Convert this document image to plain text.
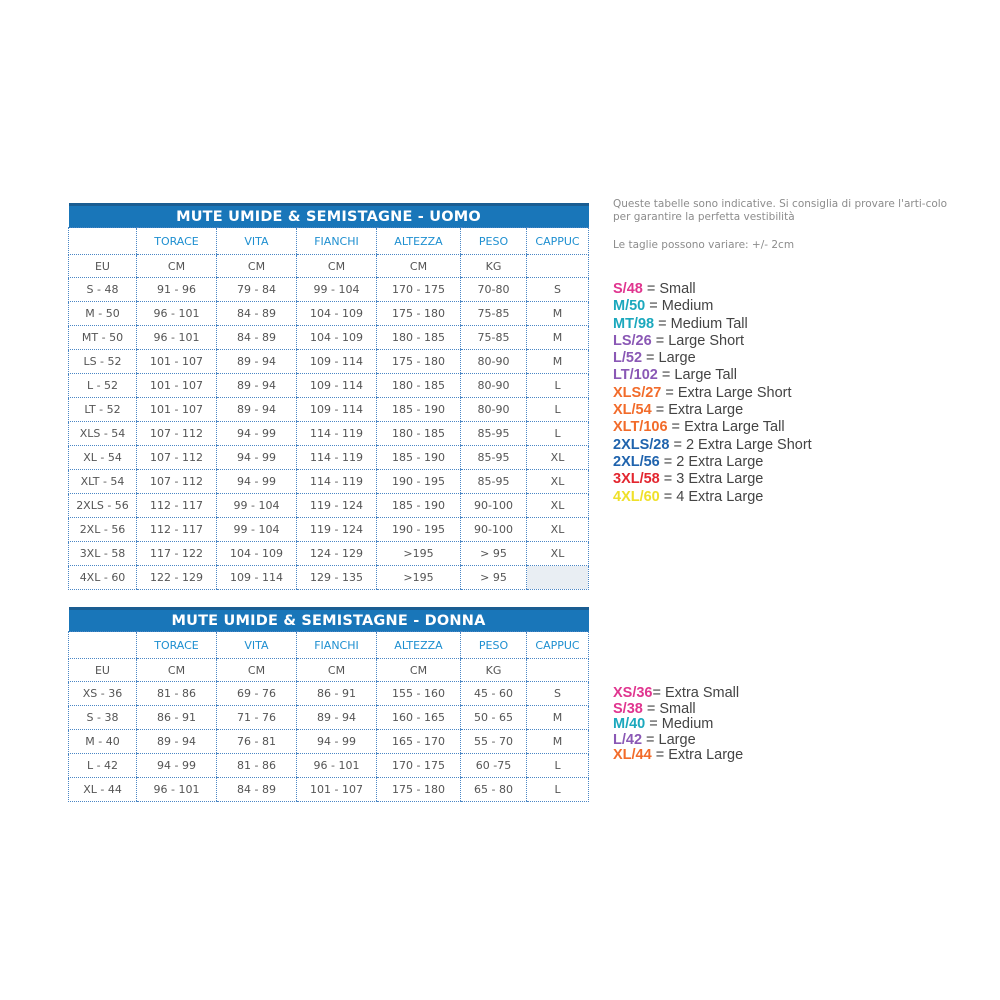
MUTE UMIDE & SEMISTAGNE - UOMO						
	TORACE	VITA	FIANCHI	ALTEZZA	PESO	CAPPUC
EU	CM	CM	CM	CM	KG	
S - 48	91 - 96	79 - 84	99 - 104	170 - 175	70-80	S
M - 50	96 - 101	84 - 89	104 - 109	175 - 180	75-85	M
MT - 50	96 - 101	84 - 89	104 - 109	180 - 185	75-85	M
LS - 52	101 - 107	89 - 94	109 - 114	175 - 180	80-90	M
L - 52	101 - 107	89 - 94	109 - 114	180 - 185	80-90	L
LT - 52	101 - 107	89 - 94	109 - 114	185 - 190	80-90	L
XLS - 54	107 - 112	94 - 99	114 - 119	180 - 185	85-95	L
XL - 54	107 - 112	94 - 99	114 - 119	185 - 190	85-95	XL
XLT - 54	107 - 112	94 - 99	114 - 119	190 - 195	85-95	XL
2XLS - 56	112 - 117	99 - 104	119 - 124	185 - 190	90-100	XL
2XL - 56	112 - 117	99 - 104	119 - 124	190 - 195	90-100	XL
3XL - 58	117 - 122	104 - 109	124 - 129	>195	> 95	XL
4XL - 60	122 - 129	109 - 114	129 - 135	>195	> 95	
MUTE UMIDE & SEMISTAGNE - DONNA						
	TORACE	VITA	FIANCHI	ALTEZZA	PESO	CAPPUC
EU	CM	CM	CM	CM	KG	
XS - 36	81 - 86	69 - 76	86 - 91	155 - 160	45 - 60	S
S - 38	86 - 91	71 - 76	89 - 94	160 - 165	50 - 65	M
M - 40	89 - 94	76 - 81	94 - 99	165 - 170	55 - 70	M
L - 42	94 - 99	81 - 86	96 - 101	170 - 175	60 -75	L
XL - 44	96 - 101	84 - 89	101 - 107	175 - 180	65 - 80	L

Queste tabelle sono indicative. Si consiglia di provare l'arti-colo per garantire la perfetta vestibilità

Le taglie possono variare: +/- 2cm

S/48 = Small
M/50 = Medium
MT/98 = Medium Tall
LS/26 = Large Short
L/52 = Large
LT/102 = Large Tall
XLS/27 = Extra Large Short
XL/54 = Extra Large
XLT/106 = Extra Large Tall
2XLS/28 = 2 Extra Large Short
2XL/56 = 2 Extra Large
3XL/58 = 3 Extra Large
4XL/60 = 4 Extra Large
XS/36= Extra Small
S/38 = Small
M/40 = Medium
L/42 = Large
XL/44 = Extra Large
